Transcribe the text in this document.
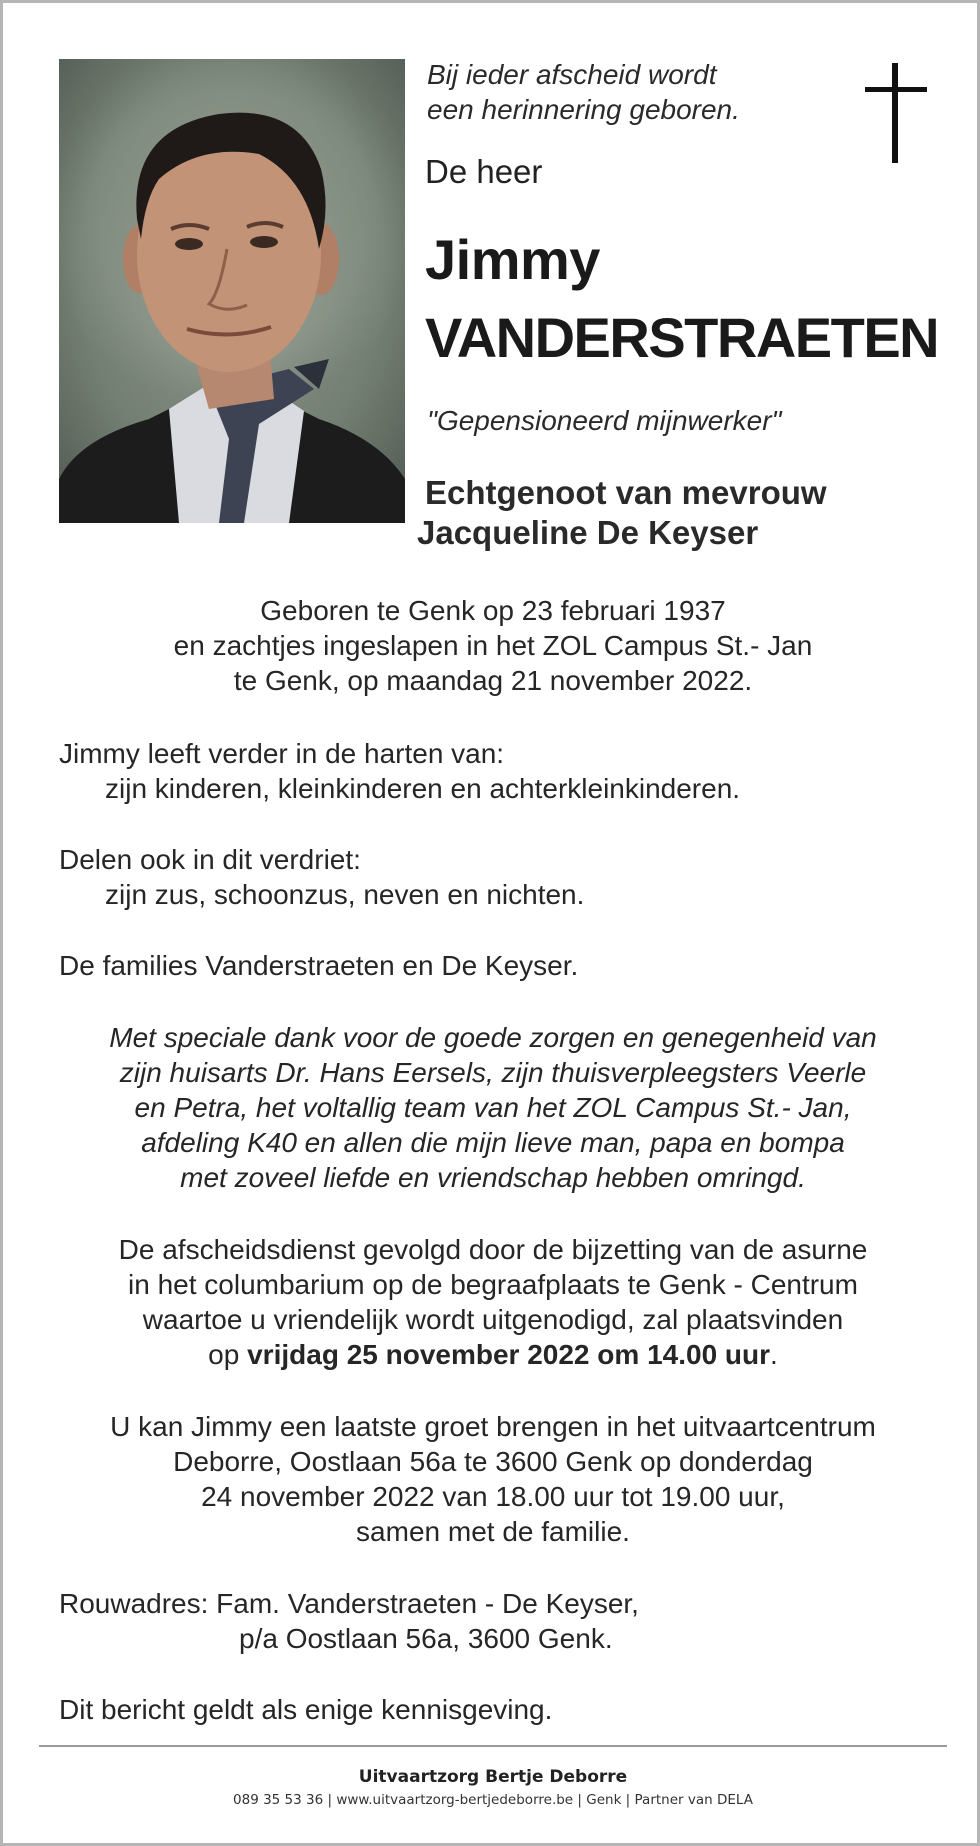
Bij ieder afscheid wordt
een herinnering geboren.
De heer
Jimmy
VANDERSTRAETEN
"Gepensioneerd mijnwerker"
Echtgenoot van mevrouw
Jacqueline De Keyser
Geboren te Genk op 23 februari 1937
en zachtjes ingeslapen in het ZOL Campus St.- Jan
te Genk, op maandag 21 november 2022.
Jimmy leeft verder in de harten van:
zijn kinderen, kleinkinderen en achterkleinkinderen.
Delen ook in dit verdriet:
zijn zus, schoonzus, neven en nichten.
De families Vanderstraeten en De Keyser.
Met speciale dank voor de goede zorgen en genegenheid van
zijn huisarts Dr. Hans Eersels, zijn thuisverpleegsters Veerle
en Petra, het voltallig team van het ZOL Campus St.- Jan,
afdeling K40 en allen die mijn lieve man, papa en bompa
met zoveel liefde en vriendschap hebben omringd.
De afscheidsdienst gevolgd door de bijzetting van de asurne
in het columbarium op de begraafplaats te Genk - Centrum
waartoe u vriendelijk wordt uitgenodigd, zal plaatsvinden
op vrijdag 25 november 2022 om 14.00 uur.
U kan Jimmy een laatste groet brengen in het uitvaartcentrum
Deborre, Oostlaan 56a te 3600 Genk op donderdag
24 november 2022 van 18.00 uur tot 19.00 uur,
samen met de familie.
Rouwadres: Fam. Vanderstraeten - De Keyser,
p/a Oostlaan 56a, 3600 Genk.
Dit bericht geldt als enige kennisgeving.
Uitvaartzorg Bertje Deborre
089 35 53 36 | www.uitvaartzorg-bertjedeborre.be | Genk | Partner van DELA
